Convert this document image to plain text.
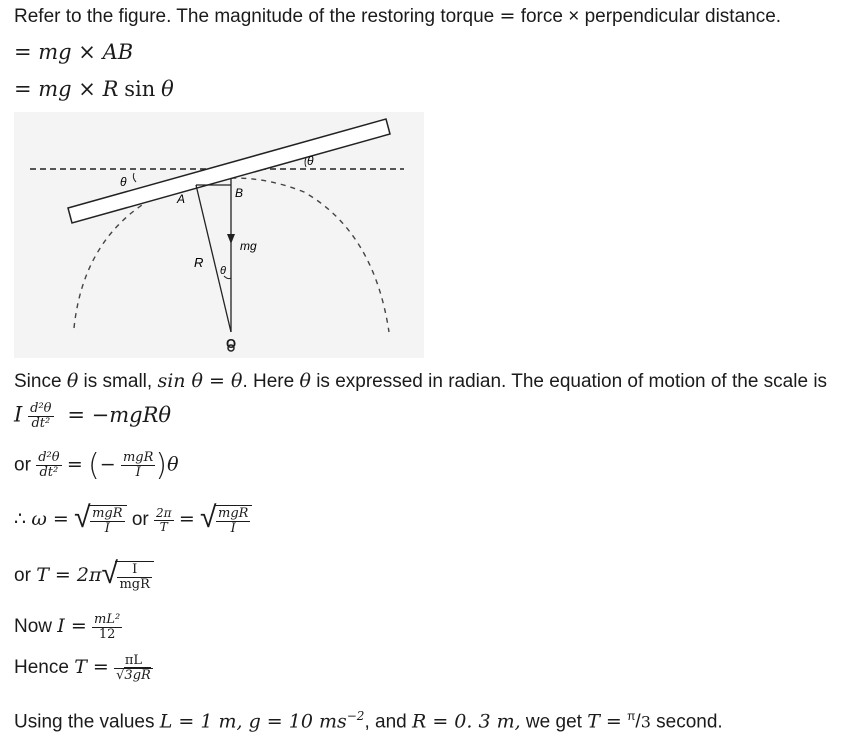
Refer to the figure. The magnitude of the restoring torque = force × perpendicular distance.
= mg × AB
= mg × R sin θ
θ
θ
θ
A	B
R
mg
O
Since θ is small, sin θ = θ. Here θ is expressed in radian. The equation of motion of the scale is
I $\frac{\text{d²θ}}{\text{dt²}} = -mgR\theta$
or $\frac{\text{d²θ}}{\text{dt²}}$ = (− $\frac{\text{mgR}}{I} )\theta$
∴ ω = √ $\frac{\text{mgR}}{I}$ or $\frac{2\pi}{T}$ = √ $\frac{\text{mgR}}{I}$
or T = 2π √ $\frac{I}{\text{mgR}}$
Now $I = \frac{\text{mL²}}{12}$
Hence $T = \frac{\pi L}{√3gR}$
Using the values L = 1 m, g = 10 $ms^{-2}$, and R = 0. 3 m, we get T = $^\pi$/3 second.
